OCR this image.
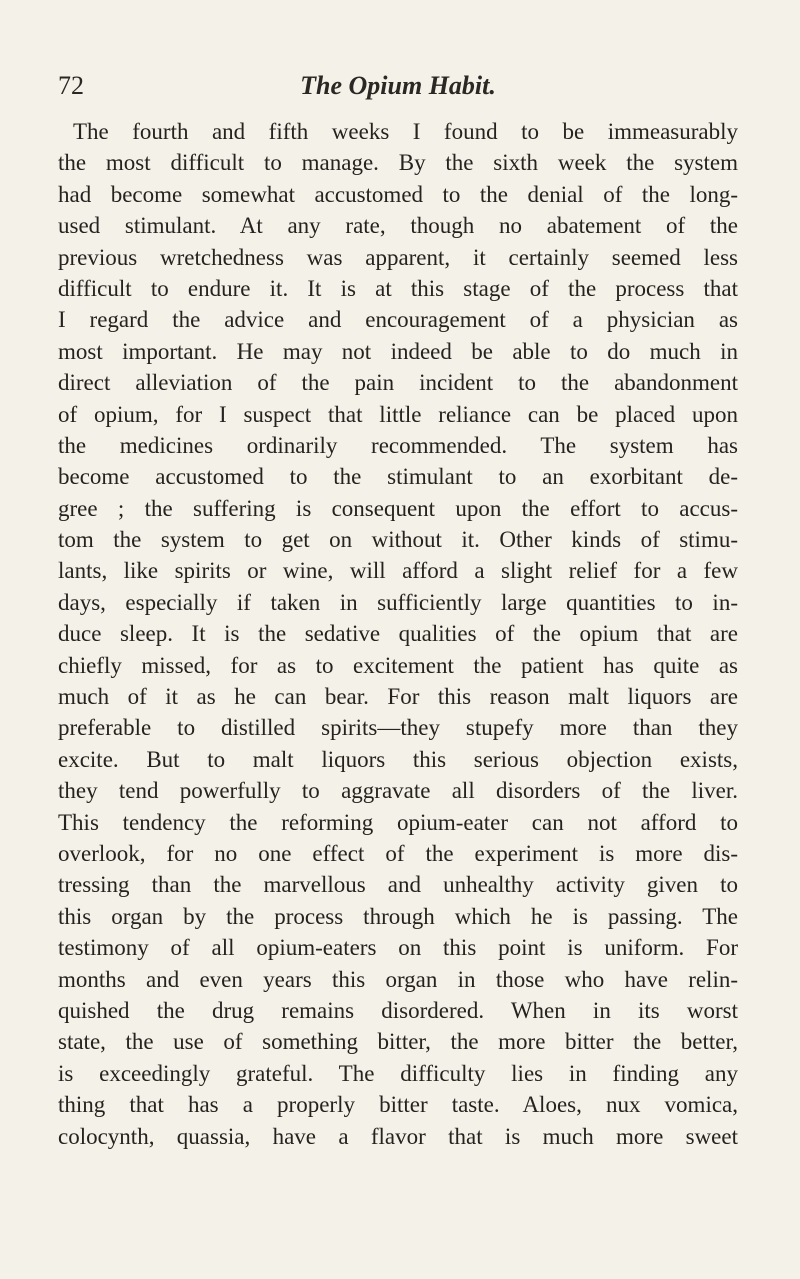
72	The Opium Habit.
The fourth and fifth weeks I found to be immeasurably
the most difficult to manage. By the sixth week the system
had become somewhat accustomed to the denial of the long-
used stimulant. At any rate, though no abatement of the
previous wretchedness was apparent, it certainly seemed less
difficult to endure it. It is at this stage of the process that
I regard the advice and encouragement of a physician as
most important. He may not indeed be able to do much in
direct alleviation of the pain incident to the abandonment
of opium, for I suspect that little reliance can be placed upon
the medicines ordinarily recommended. The system has
become accustomed to the stimulant to an exorbitant de-
gree ; the suffering is consequent upon the effort to accus-
tom the system to get on without it. Other kinds of stimu-
lants, like spirits or wine, will afford a slight relief for a few
days, especially if taken in sufficiently large quantities to in-
duce sleep. It is the sedative qualities of the opium that are
chiefly missed, for as to excitement the patient has quite as
much of it as he can bear. For this reason malt liquors are
preferable to distilled spirits—they stupefy more than they
excite. But to malt liquors this serious objection exists,
they tend powerfully to aggravate all disorders of the liver.
This tendency the reforming opium-eater can not afford to
overlook, for no one effect of the experiment is more dis-
tressing than the marvellous and unhealthy activity given to
this organ by the process through which he is passing. The
testimony of all opium-eaters on this point is uniform. For
months and even years this organ in those who have relin-
quished the drug remains disordered. When in its worst
state, the use of something bitter, the more bitter the better,
is exceedingly grateful. The difficulty lies in finding any
thing that has a properly bitter taste. Aloes, nux vomica,
colocynth, quassia, have a flavor that is much more sweet
